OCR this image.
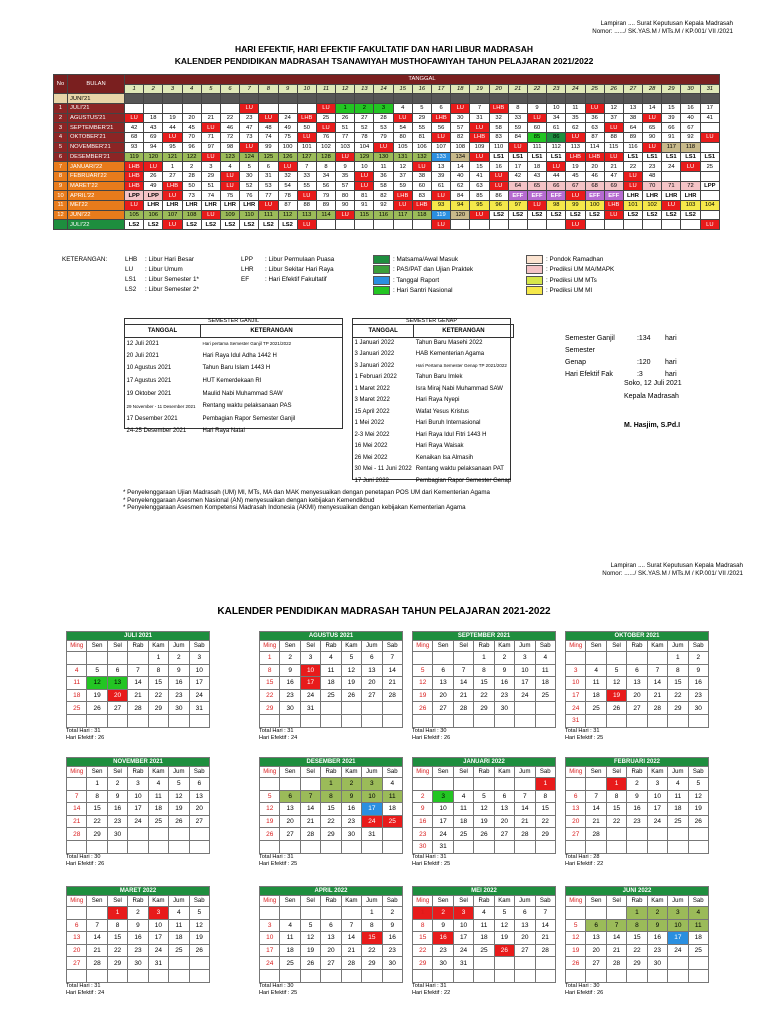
Lampiran .... Surat Keputusan Kepala Madrasah
Nomor: ....../ SK.YAS.M / MTs.M / KP.001/ VII /2021
HARI EFEKTIF, HARI EFEKTIF FAKULTATIF DAN HARI LIBUR MADRASAH
KALENDER PENDIDIKAN MADRASAH TSANAWIYAH MUSTHOFAWIYAH TAHUN PELAJARAN 2021/2022
No	BULAN	TANGGAL																														
		1	2	3	4	5	6	7	8	9	10	11	12	13	14	15	16	17	18	19	20	21	22	23	24	25	26	27	28	29	30	31
	JUNI'21																															
1	JULI'21							LU				LU	1	2	3	4	5	6	LU	7	LHB	8	9	10	11	LU	12	13	14	15	16	17
2	AGUSTUS'21	LU	18	19	20	21	22	23	LU	24	LHB	25	26	27	28	LU	29	LHB	30	31	32	33	LU	34	35	36	37	38	LU	39	40	41
3	SEPTEMBER'21	42	43	44	45	LU	46	47	48	49	50	LU	51	52	53	54	55	56	57	LU	58	59	60	61	62	63	LU	64	65	66	67	
4	OKTOBER'21	68	69	LU	70	71	72	73	74	75	LU	76	77	78	79	80	81	LU	82	LHB	83	84	85	86	LU	87	88	89	90	91	92	LU
5	NOVEMBER'21	93	94	95	96	97	98	LU	99	100	101	102	103	104	LU	105	106	107	108	109	110	LU	111	112	113	114	115	116	LU	117	118	
6	DESEMBER'21	119	120	121	122	LU	123	124	125	126	127	128	LU	129	130	131	132	133	134	LU	LS1	LS1	LS1	LS1	LHB	LHB	LU	LS1	LS1	LS1	LS1	LS1
7	JANUARI'22	LHB	LU	1	2	3	4	5	6	LU	7	8	9	10	11	12	LU	13	14	15	16	17	18	LU	19	20	21	22	23	24	LU	25
8	FEBRUARI'22	LHB	26	27	28	29	LU	30	31	32	33	34	35	LU	36	37	38	39	40	41	LU	42	43	44	45	46	47	LU	48			
9	MARET'22	LHB	49	LHB	50	51	LU	52	53	54	55	56	57	LU	58	59	60	61	62	63	LU	64	65	66	67	68	69	LU	70	71	72	LPP
10	APRIL'22	LPP	LPP	LU	73	74	75	76	77	78	LU	79	80	81	82	LHB	83	LU	84	85	86	EFF	EFF	EFF	LU	EFF	EFF	LHR	LHR	LHR	LHR	
11	MEI'22	LU	LHR	LHR	LHR	LHR	LHR	LHR	LU	87	88	89	90	91	92	LU	LHB	93	94	95	96	97	LU	98	99	100	LHB	101	102	LU	103	104
12	JUNI'22	105	106	107	108	LU	109	110	111	112	113	114	LU	115	116	117	118	119	120	LU	LS2	LS2	LS2	LS2	LS2	LS2	LU	LS2	LS2	LS2	LS2	
	JULI'22	LS2	LS2	LU	LS2	LS2	LS2	LS2	LS2	LS2	LU							LU							LU							LU
KETERANGAN:	LHB : Libur Hari Besar
LU : Libur Umum
LS1 : Libur Semester 1*
LS2 : Libur Semester 2*
LPP : Libur Permulaan Puasa
LHR : Libur Sekitar Hari Raya
EF	: Hari Efektif Fakultatif
: Matsama/Awal Masuk
: PAS/PAT dan Ujian Praktek
: Tanggal Raport
: Hari Santri Nasional
: Pondok Ramadhan
: Prediksi UM MA/MAPK
: Prediksi UM MTs
: Prediksi UM MI
SEMESTER GANJIL
TANGGAL	KETERANGAN
12 Juli 2021	Hari pertama Semester Ganjil TP 2021/2022
20 Juli 2021	Hari Raya Idul Adha 1442 H
10 Agustus 2021	Tahun Baru Islam 1443 H
17 Agustus 2021	HUT Kemerdekaan RI
19 Oktober 2021	Maulid Nabi Muhammad SAW
29 November - 11 Desember 2021	Rentang waktu pelaksanaan PAS
17 Desember 2021	Pembagian Rapor Semester Ganjil
24-25 Desember 2021	Hari Raya Natal
SEMESTER GENAP
TANGGAL	KETERANGAN
1 Januari 2022	Tahun Baru Masehi 2022
3 Januari 2022	HAB Kementerian Agama
3 Januari 2022	Hari Pertama Semester Genap TP 2021/2022
1 Februari 2022	Tahun Baru Imlek
1 Maret 2022	Isra Miraj Nabi Muhammad SAW
3 Maret 2022	Hari Raya Nyepi
15 April 2022	Wafat Yesus Kristus
1 Mei 2022	Hari Buruh Internasional
2-3 Mei 2022	Hari Raya Idul Fitri 1443 H
16 Mei 2022	Hari Raya Waisak
26 Mei 2022	Kenaikan Isa Almasih
30 Mei - 11 Juni 2022	Rentang waktu pelaksanaan PAT
17 Juni 2022	Pembagian Rapor Semester Genap
Semester Ganjil	:134 hari
Semester Genap	:120 hari
Hari Efektif Fak	:3	hari
Soko, 12 Juli 2021
Kepala Madrasah
M. Hasjim, S.Pd.I
* Penyelenggaraan Ujian Madrasah (UM) MI, MTs, MA dan MAK menyesuaikan dengan penetapan POS UM dari Kementerian Agama
* Penyelenggaraan Asesmen Nasional (AN) menyesuaikan dengan kebijakan Kemendikbud
* Penyelenggaraan Asesmen Kompetensi Madrasah Indonesia (AKMI) menyesuaikan dengan kebijakan Kementerian Agama
Lampiran .... Surat Keputusan Kepala Madrasah
Nomor: ....../ SK.YAS.M / MTs.M / KP.001/ VII /2021
KALENDER PENDIDIKAN MADRASAH TAHUN PELAJARAN 2021-2022
JULI 2021						
Ming	Sen	Sel	Rab	Kam	Jum	Sab
				1	2	3
4	5	6	7	8	9	10
11	12	13	14	15	16	17
18	19	20	21	22	23	24
25	26	27	28	29	30	31

Total Hari : 31
Hari Efektif : 26
AGUSTUS 2021						
Ming	Sen	Sel	Rab	Kam	Jum	Sab
1	2	3	4	5	6	7
8	9	10	11	12	13	14
15	16	17	18	19	20	21
22	23	24	25	26	27	28
29	30	31				

Total Hari : 31
Hari Efektif : 24
SEPTEMBER 2021						
Ming	Sen	Sel	Rab	Kam	Jum	Sab
			1	2	3	4
5	6	7	8	9	10	11
12	13	14	15	16	17	18
19	20	21	22	23	24	25
26	27	28	29	30		

Total Hari : 30
Hari Efektif : 26
OKTOBER 2021						
Ming	Sen	Sel	Rab	Kam	Jum	Sab
					1	2
3	4	5	6	7	8	9
10	11	12	13	14	15	16
17	18	19	20	21	22	23
24	25	26	27	28	29	30
31						
Total Hari : 31
Hari Efektif : 25
NOVEMBER 2021						
Ming	Sen	Sel	Rab	Kam	Jum	Sab
	1	2	3	4	5	6
7	8	9	10	11	12	13
14	15	16	17	18	19	20
21	22	23	24	25	26	27
28	29	30				

Total Hari : 30
Hari Efektif : 26
DESEMBER 2021						
Ming	Sen	Sel	Rab	Kam	Jum	Sab
			1	2	3	4
5	6	7	8	9	10	11
12	13	14	15	16	17	18
19	20	21	22	23	24	25
26	27	28	29	30	31	

Total Hari : 31
Hari Efektif : 25
JANUARI 2022						
Ming	Sen	Sel	Rab	Kam	Jum	Sab
						1
2	3	4	5	6	7	8
9	10	11	12	13	14	15
16	17	18	19	20	21	22
23	24	25	26	27	28	29
30	31					
Total Hari : 31
Hari Efektif : 25
FEBRUARI 2022						
Ming	Sen	Sel	Rab	Kam	Jum	Sab
		1	2	3	4	5
6	7	8	9	10	11	12
13	14	15	16	17	18	19
20	21	22	23	24	25	26
27	28					

Total Hari : 28
Hari Efektif : 22
MARET 2022						
Ming	Sen	Sel	Rab	Kam	Jum	Sab
		1	2	3	4	5
6	7	8	9	10	11	12
13	14	15	16	17	18	19
20	21	22	23	24	25	26
27	28	29	30	31		

Total Hari : 31
Hari Efektif : 24
APRIL 2022						
Ming	Sen	Sel	Rab	Kam	Jum	Sab
					1	2
3	4	5	6	7	8	9
10	11	12	13	14	15	16
17	18	19	20	21	22	23
24	25	26	27	28	29	30

Total Hari : 30
Hari Efektif : 25
MEI 2022						
Ming	Sen	Sel	Rab	Kam	Jum	Sab
1	2	3	4	5	6	7
8	9	10	11	12	13	14
15	16	17	18	19	20	21
22	23	24	25	26	27	28
29	30	31				

Total Hari : 31
Hari Efektif : 22
JUNI 2022						
Ming	Sen	Sel	Rab	Kam	Jum	Sab
			1	2	3	4
5	6	7	8	9	10	11
12	13	14	15	16	17	18
19	20	21	22	23	24	25
26	27	28	29	30		

Total Hari : 30
Hari Efektif : 26
